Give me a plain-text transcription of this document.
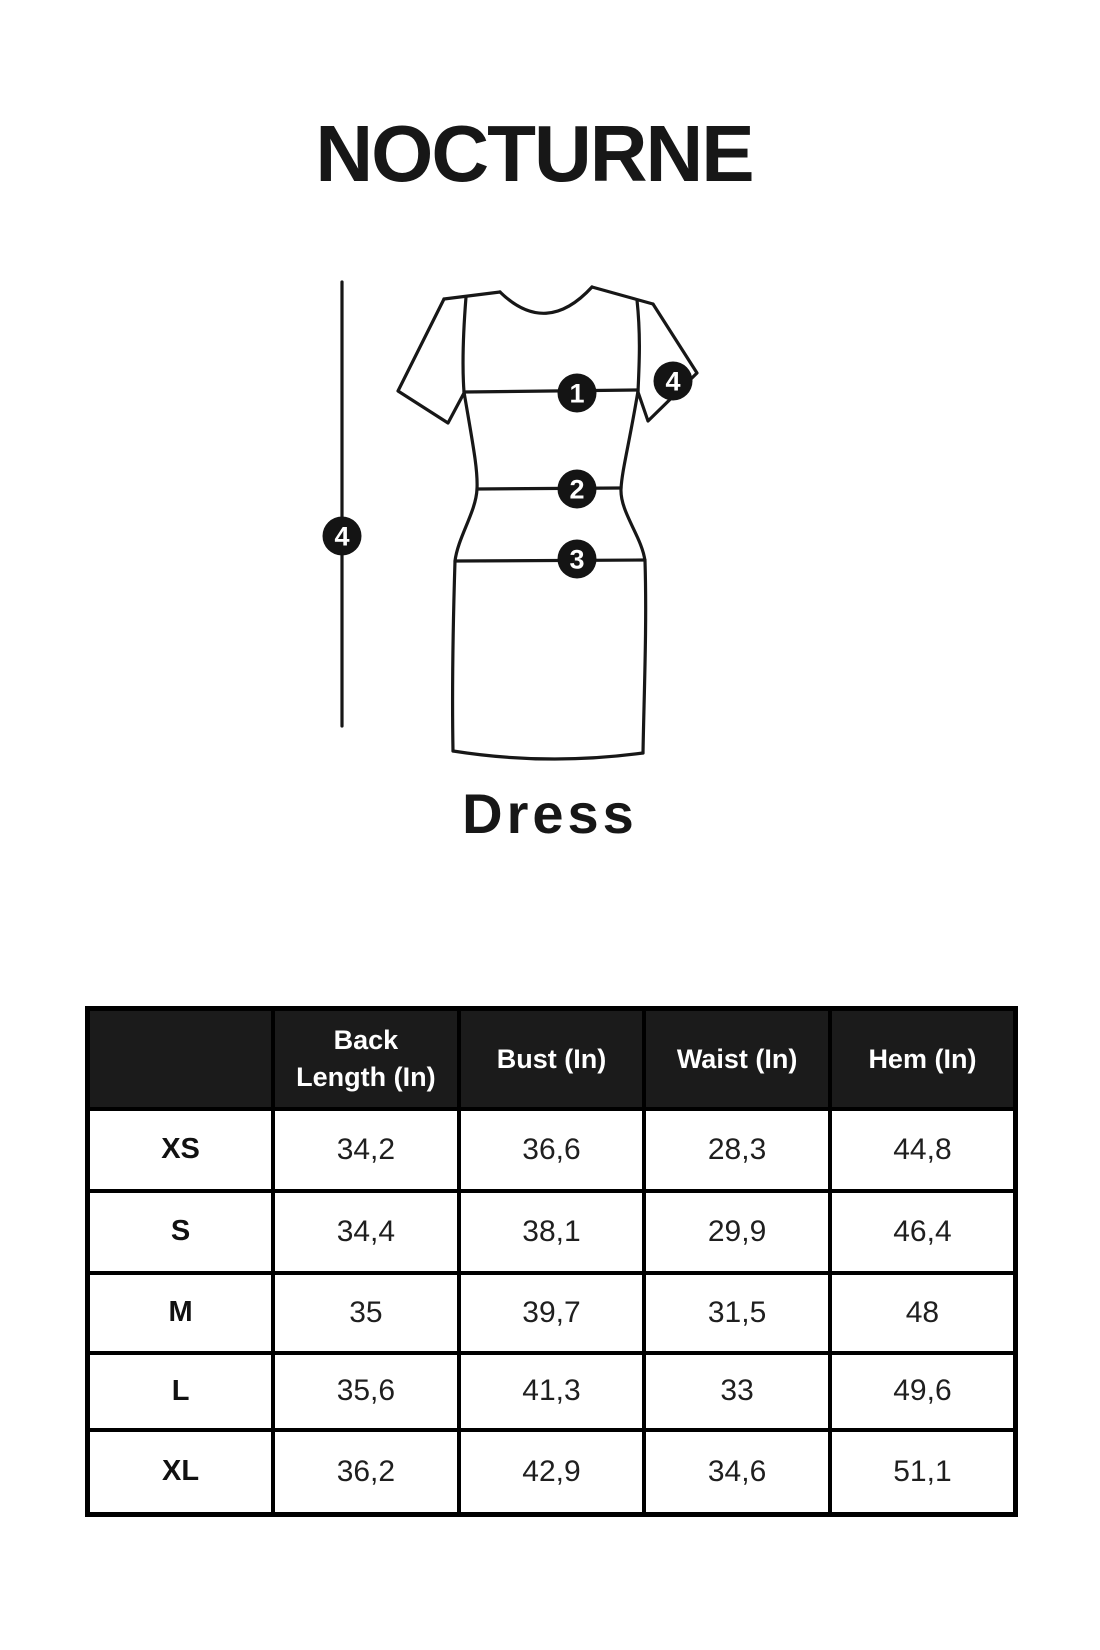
NOCTURNE
1
2
3
4
4
Dress
	Back Length (In)	Bust (In)	Waist (In)	Hem (In)
XS	34,2	36,6	28,3	44,8
S	34,4	38,1	29,9	46,4
M	35	39,7	31,5	48
L	35,6	41,3	33	49,6
XL	36,2	42,9	34,6	51,1
